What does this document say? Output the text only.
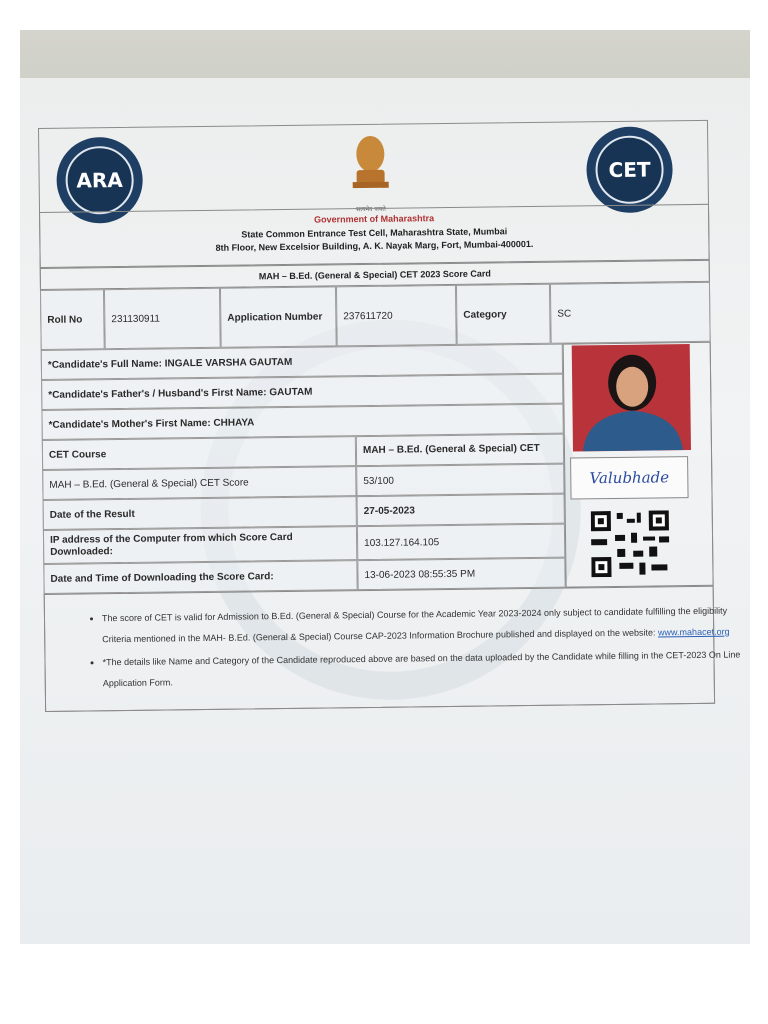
ARA
सत्यमेव जयते
CET
Government of Maharashtra
State Common Entrance Test Cell, Maharashtra State, Mumbai
8th Floor, New Excelsior Building, A. K. Nayak Marg, Fort, Mumbai-400001.
MAH – B.Ed. (General & Special) CET 2023 Score Card
Roll No	231130911	Application Number	237611720	Category	SC
*Candidate's Full Name: INGALE VARSHA GAUTAM
*Candidate's Father's / Husband's First Name: GAUTAM
*Candidate's Mother's First Name: CHHAYA
CET Course	MAH – B.Ed. (General & Special) CET
MAH – B.Ed. (General & Special) CET Score	53/100
Date of the Result	27-05-2023
IP address of the Computer from which Score Card Downloaded:
103.127.164.105
Date and Time of Downloading the Score Card:	13-06-2023 08:55:35 PM
Valubhade
• The score of CET is valid for Admission to B.Ed. (General & Special) Course for the Academic Year 2023-2024 only subject to candidate fulfilling the eligibility Criteria mentioned in the MAH- B.Ed. (General & Special) Course CAP-2023 Information Brochure published and displayed on the website: www.mahacet.org
• *The details like Name and Category of the Candidate reproduced above are based on the data uploaded by the Candidate while filling in the CET-2023 On Line Application Form.
